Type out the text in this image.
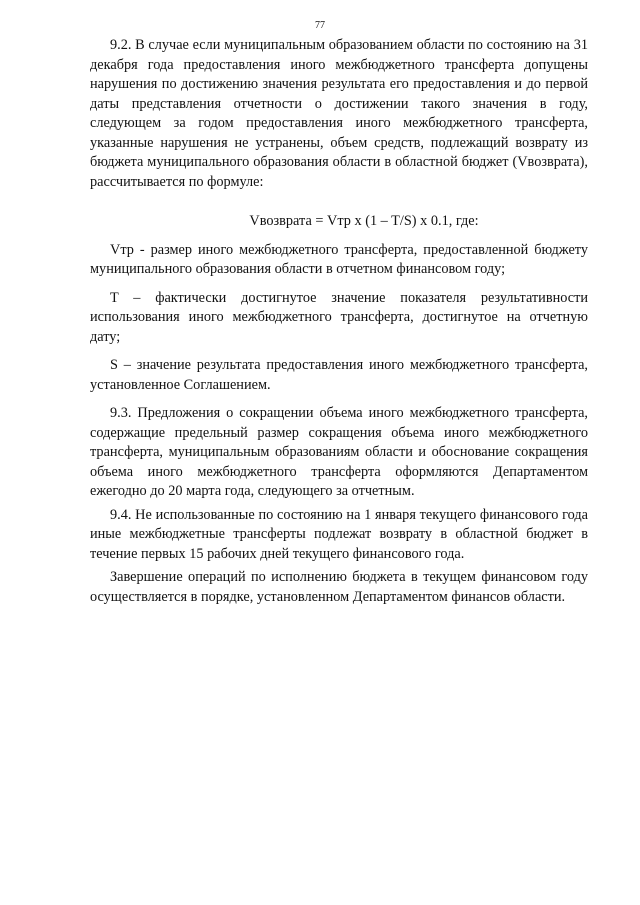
77

9.2. В случае если муниципальным образованием области по состоянию на 31 декабря года предоставления иного межбюджетного трансферта допущены нарушения по достижению значения результата его предоставления и до первой даты представления отчетности о достижении такого значения в году, следующем за годом предоставления иного межбюджетного трансферта, указанные нарушения не устранены, объем средств, подлежащий возврату из бюджета муниципального образования области в областной бюджет (Vвозврата), рассчитывается по формуле:

Vвозврата = Vтр x (1 – T/S) x 0.1, где:

Vтр - размер иного межбюджетного трансферта, предоставленной бюджету муниципального образования области в отчетном финансовом году;

T – фактически достигнутое значение показателя результативности использования иного межбюджетного трансферта, достигнутое на отчетную дату;

S – значение результата предоставления иного межбюджетного трансферта, установленное Соглашением.

9.3. Предложения о сокращении объема иного межбюджетного трансферта, содержащие предельный размер сокращения объема иного межбюджетного трансферта, муниципальным образованиям области и обоснование сокращения объема иного межбюджетного трансферта оформляются Департаментом ежегодно до 20 марта года, следующего за отчетным.

9.4. Не использованные по состоянию на 1 января текущего финансового года иные межбюджетные трансферты подлежат возврату в областной бюджет в течение первых 15 рабочих дней текущего финансового года.

Завершение операций по исполнению бюджета в текущем финансовом году осуществляется в порядке, установленном Департаментом финансов области.
